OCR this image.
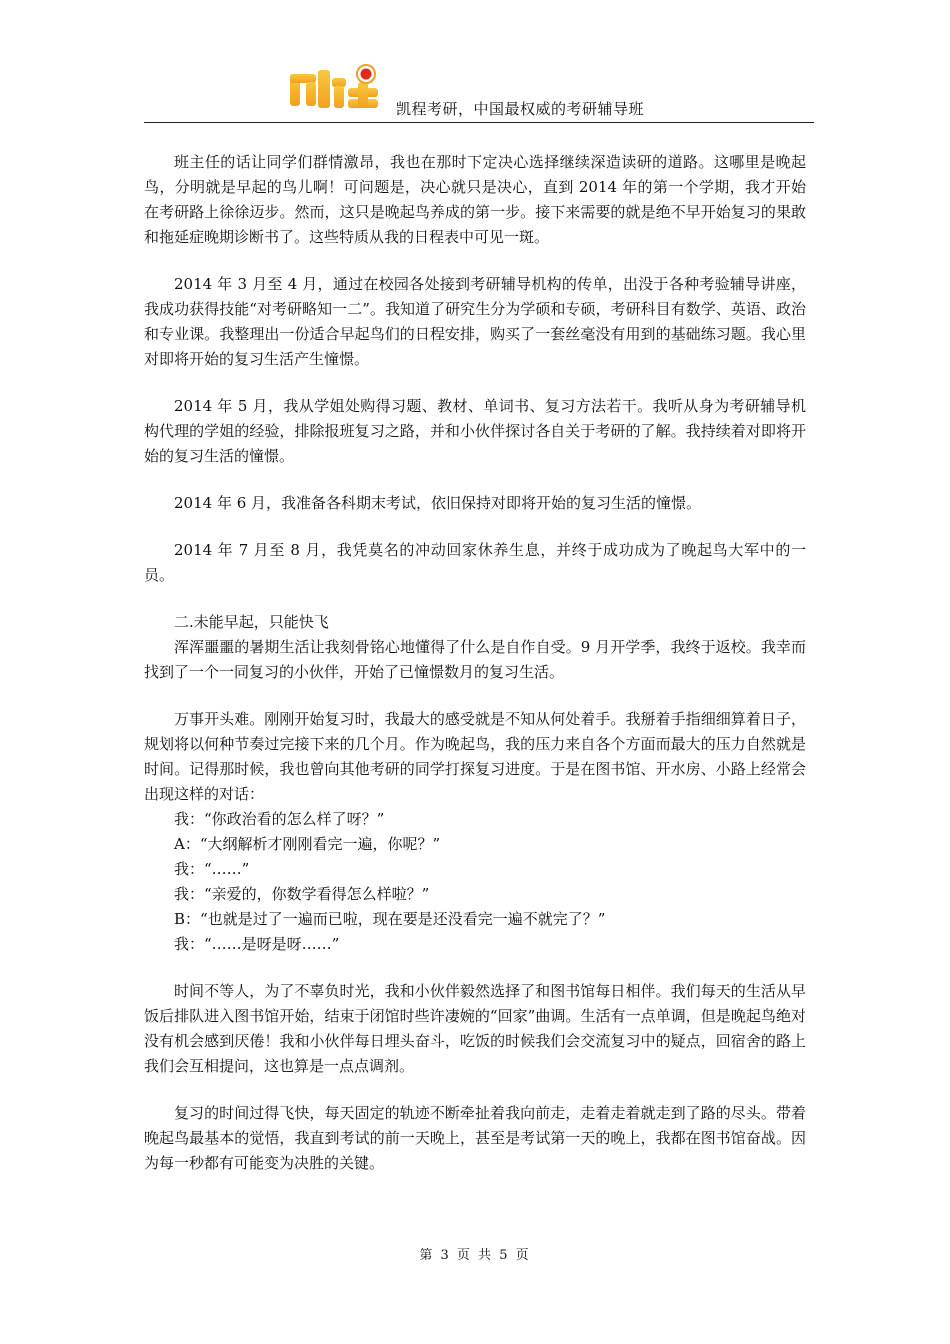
凯程考研，中国最权威的考研辅导班

班主任的话让同学们群情激昂，我也在那时下定决心选择继续深造读研的道路。这哪里是晚起鸟，分明就是早起的鸟儿啊！可问题是，决心就只是决心，直到 2014 年的第一个学期，我才开始在考研路上徐徐迈步。然而，这只是晚起鸟养成的第一步。接下来需要的就是绝不早开始复习的果敢和拖延症晚期诊断书了。这些特质从我的日程表中可见一斑。

2014 年 3 月至 4 月，通过在校园各处接到考研辅导机构的传单，出没于各种考验辅导讲座，我成功获得技能“对考研略知一二”。我知道了研究生分为学硕和专硕，考研科目有数学、英语、政治和专业课。我整理出一份适合早起鸟们的日程安排，购买了一套丝毫没有用到的基础练习题。我心里对即将开始的复习生活产生憧憬。

2014 年 5 月，我从学姐处购得习题、教材、单词书、复习方法若干。我听从身为考研辅导机构代理的学姐的经验，排除报班复习之路，并和小伙伴探讨各自关于考研的了解。我持续着对即将开始的复习生活的憧憬。

2014 年 6 月，我准备各科期末考试，依旧保持对即将开始的复习生活的憧憬。

2014 年 7 月至 8 月，我凭莫名的冲动回家休养生息，并终于成功成为了晚起鸟大军中的一员。

二.未能早起，只能快飞

浑浑噩噩的暑期生活让我刻骨铭心地懂得了什么是自作自受。9 月开学季，我终于返校。我幸而找到了一个一同复习的小伙伴，开始了已憧憬数月的复习生活。

万事开头难。刚刚开始复习时，我最大的感受就是不知从何处着手。我掰着手指细细算着日子，规划将以何种节奏过完接下来的几个月。作为晚起鸟，我的压力来自各个方面而最大的压力自然就是时间。记得那时候，我也曾向其他考研的同学打探复习进度。于是在图书馆、开水房、小路上经常会出现这样的对话：

我：“你政治看的怎么样了呀？”

A：“大纲解析才刚刚看完一遍，你呢？”

我：“……”

我：“亲爱的，你数学看得怎么样啦？”

B：“也就是过了一遍而已啦，现在要是还没看完一遍不就完了？”

我：“……是呀是呀……”

时间不等人，为了不辜负时光，我和小伙伴毅然选择了和图书馆每日相伴。我们每天的生活从早饭后排队进入图书馆开始，结束于闭馆时些许凄婉的“回家”曲调。生活有一点单调，但是晚起鸟绝对没有机会感到厌倦！我和小伙伴每日埋头奋斗，吃饭的时候我们会交流复习中的疑点，回宿舍的路上我们会互相提问，这也算是一点点调剂。

复习的时间过得飞快，每天固定的轨迹不断牵扯着我向前走，走着走着就走到了路的尽头。带着晚起鸟最基本的觉悟，我直到考试的前一天晚上，甚至是考试第一天的晚上，我都在图书馆奋战。因为每一秒都有可能变为决胜的关键。

第 3 页 共 5 页
